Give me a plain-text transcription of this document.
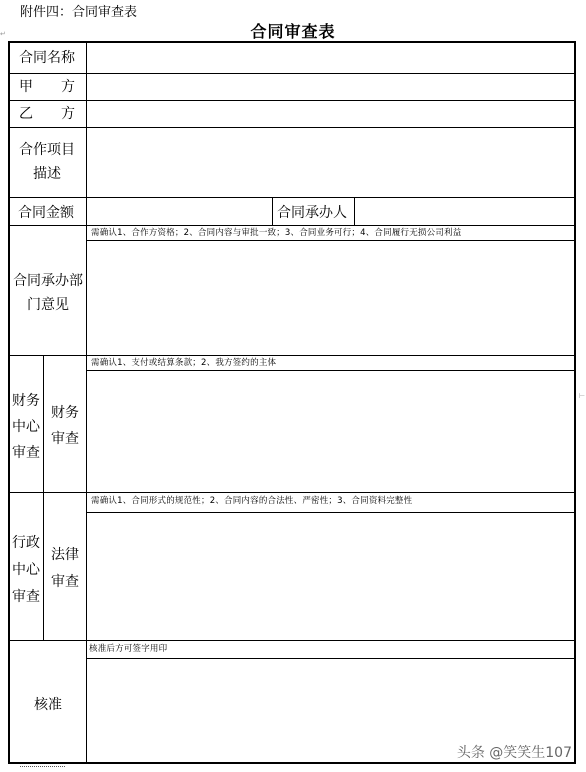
附件四：合同审查表
合同审查表
↵
⊢
合同名称
甲　　方
乙　　方
合作项目描述
合同金额	合同承办人
合同承办部门意见
需确认1、合作方资格；2、合同内容与审批一致；3、合同业务可行；4、合同履行无损公司利益
财务中心审查
财务审查
需确认1、支付或结算条款；2、我方签约的主体
行政中心审查
法律审查
需确认1、合同形式的规范性；2、合同内容的合法性、严密性；3、合同资料完整性
核准
核准后方可签字用印
头条 @笑笑生107
